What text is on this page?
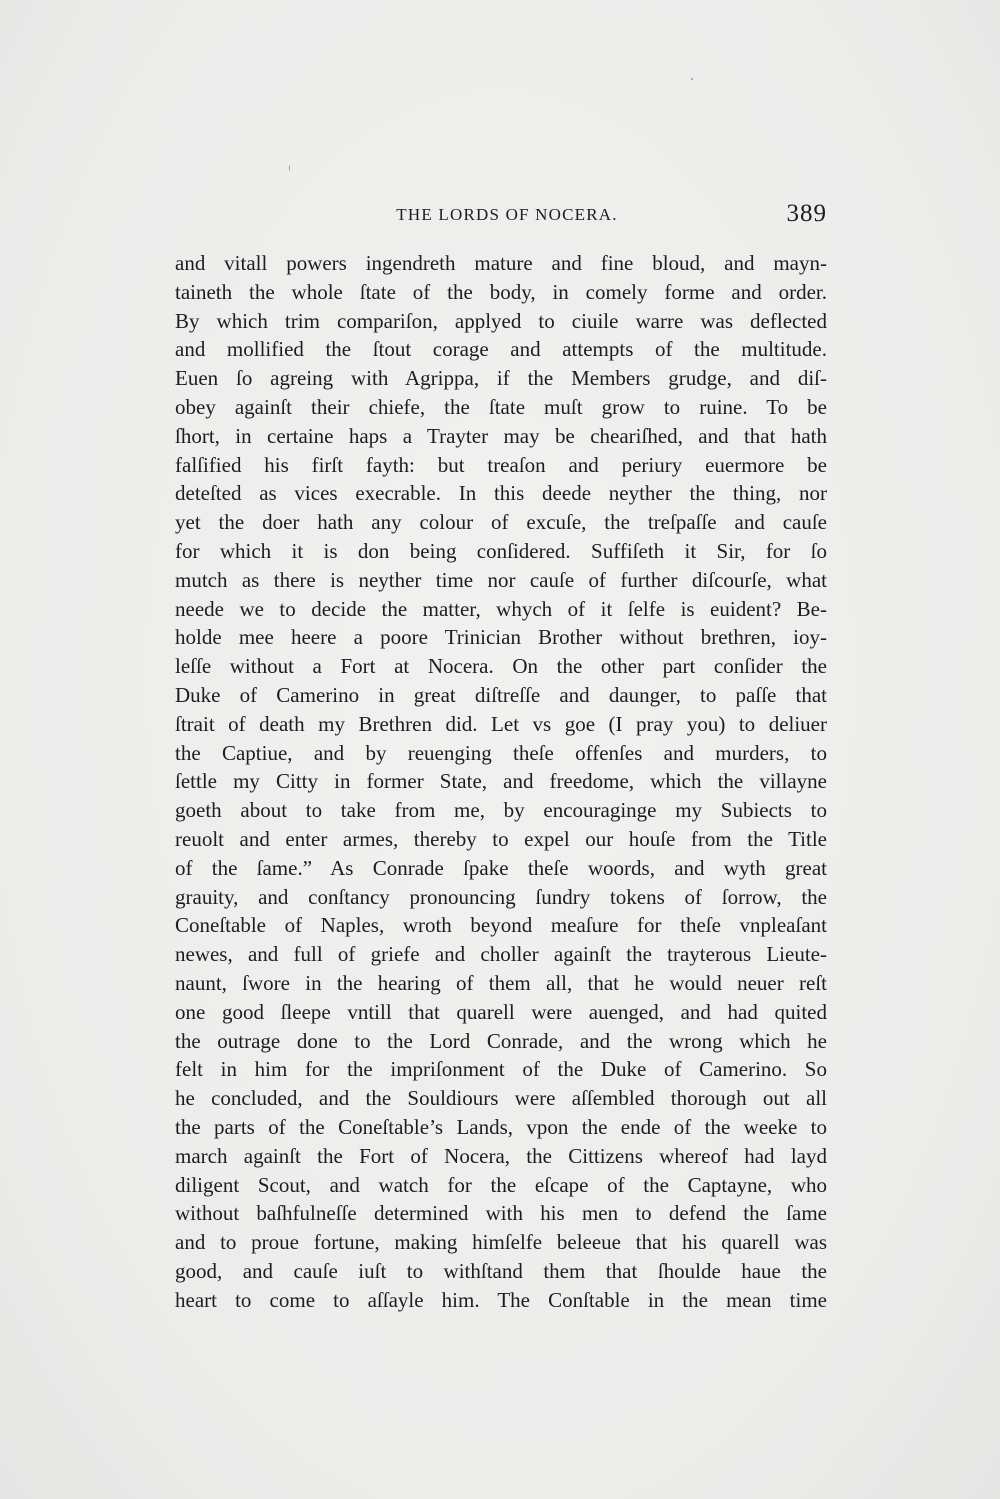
THE LORDS OF NOCERA.	389
and vitall powers ingendreth mature and fine bloud, and mayn-
taineth the whole ſtate of the body, in comely forme and order.
By which trim compariſon, applyed to ciuile warre was deflected
and mollified the ſtout corage and attempts of the multitude.
Euen ſo agreing with Agrippa, if the Members grudge, and diſ-
obey againſt their chiefe, the ſtate muſt grow to ruine. To be
ſhort, in certaine haps a Trayter may be cheariſhed, and that hath
falſified his firſt fayth: but treaſon and periury euermore be
deteſted as vices execrable. In this deede neyther the thing, nor
yet the doer hath any colour of excuſe, the treſpaſſe and cauſe
for which it is don being conſidered. Suffiſeth it Sir, for ſo
mutch as there is neyther time nor cauſe of further diſcourſe, what
neede we to decide the matter, whych of it ſelfe is euident? Be-
holde mee heere a poore Trinician Brother without brethren, ioy-
leſſe without a Fort at Nocera. On the other part conſider the
Duke of Camerino in great diſtreſſe and daunger, to paſſe that
ſtrait of death my Brethren did. Let vs goe (I pray you) to deliuer
the Captiue, and by reuenging theſe offenſes and murders, to
ſettle my Citty in former State, and freedome, which the villayne
goeth about to take from me, by encouraginge my Subiects to
reuolt and enter armes, thereby to expel our houſe from the Title
of the ſame.” As Conrade ſpake theſe woords, and wyth great
grauity, and conſtancy pronouncing ſundry tokens of ſorrow, the
Coneſtable of Naples, wroth beyond meaſure for theſe vnpleaſant
newes, and full of griefe and choller againſt the trayterous Lieute-
naunt, ſwore in the hearing of them all, that he would neuer reſt
one good ſleepe vntill that quarell were auenged, and had quited
the outrage done to the Lord Conrade, and the wrong which he
felt in him for the impriſonment of the Duke of Camerino. So
he concluded, and the Souldiours were aſſembled thorough out all
the parts of the Coneſtable’s Lands, vpon the ende of the weeke to
march againſt the Fort of Nocera, the Cittizens whereof had layd
diligent Scout, and watch for the eſcape of the Captayne, who
without baſhfulneſſe determined with his men to defend the ſame
and to proue fortune, making himſelfe beleeue that his quarell was
good, and cauſe iuſt to withſtand them that ſhoulde haue the
heart to come to aſſayle him. The Conſtable in the mean time
